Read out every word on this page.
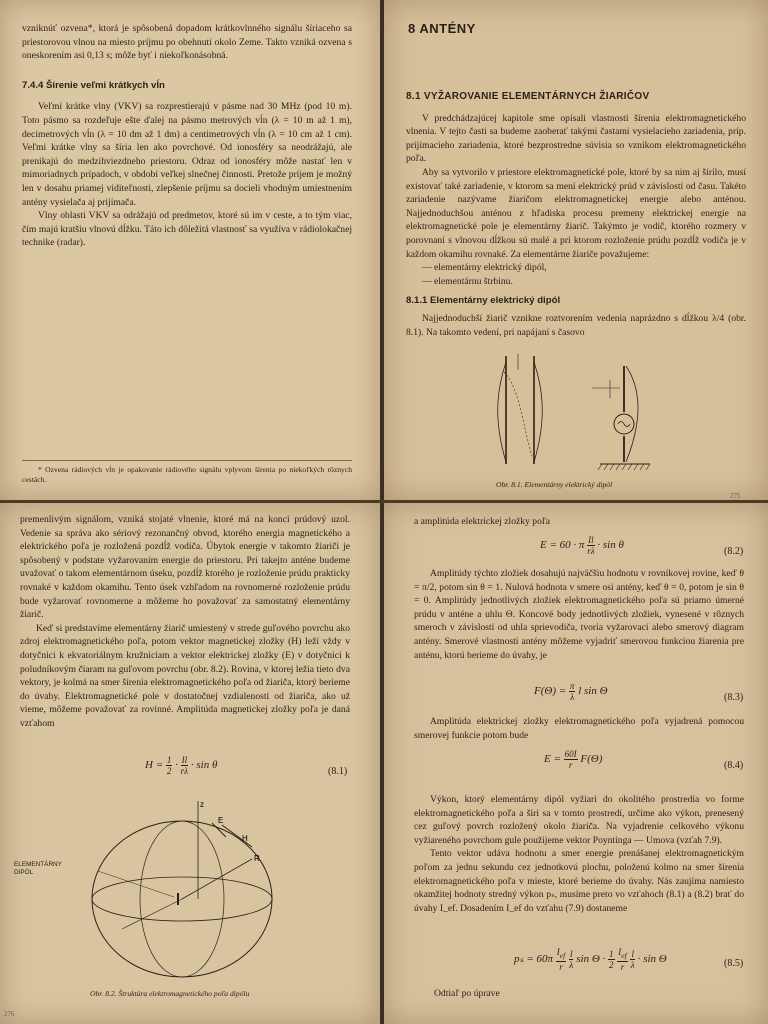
vzniknúť ozvena*, ktorá je spôsobená dopadom krátkovlnného signálu šíriaceho sa priestorovou vlnou na miesto príjmu po obehnutí okolo Zeme. Takto vzniká ozvena s oneskorením asi 0,13 s; môže byť i niekoľkonásobná.

7.4.4 Šírenie veľmi krátkych vĺn

Veľmi krátke vlny (VKV) sa rozprestierajú v pásme nad 30 MHz (pod 10 m). Toto pásmo sa rozdeľuje ešte ďalej na pásmo metrových vĺn (λ = 10 m až 1 m), decimetrových vĺn (λ = 10 dm až 1 dm) a centimetrových vĺn (λ = 10 cm až 1 cm). Veľmi krátke vlny sa šíria len ako povrchové. Od ionosféry sa neodrážajú, ale prenikajú do medzihviezdneho priestoru. Odraz od ionosféry môže nastať len v mimoriadnych prípadoch, v období veľkej slnečnej činnosti. Pretože príjem je možný len v dosahu priamej viditeľnosti, zlepšenie príjmu sa docieli vhodným umiestnením antény vysielača aj prijímača.

Vlny oblasti VKV sa odrážajú od predmetov, ktoré sú im v ceste, a to tým viac, čím majú kratšiu vlnovú dĺžku. Táto ich dôležitá vlastnosť sa využíva v rádiolokačnej technike (radar).

* Ozvena rádiových vĺn je opakovanie rádiového signálu vplyvom šírenia po niekoľkých rôznych cestách.

8 ANTÉNY
8.1 VYŽAROVANIE ELEMENTÁRNYCH ŽIARIČOV

V predchádzajúcej kapitole sme opísali vlastnosti šírenia elektromagnetického vlnenia. V tejto časti sa budeme zaoberať takými častami vysielacieho zariadenia, príp. prijímacieho zariadenia, ktoré bezprostredne súvisia so vznikom elektromagnetického poľa.

Aby sa vytvorilo v priestore elektromagnetické pole, ktoré by sa nim aj šírilo, musí existovať také zariadenie, v ktorom sa mení elektrický prúd v závislosti od času. Takéto zariadenie nazývame žiaričom elektromagnetickej energie alebo anténou. Najjednoduchšou anténou z hľadiska procesu premeny elektrickej energie na elektromagnetické pole je elementárny žiarič. Takýmto je vodič, ktorého rozmery v porovnaní s vlnovou dĺžkou sú malé a pri ktorom rozloženie prúdu pozdĺž vodiča je v každom okamihu rovnaké. Za elementárne žiariče považujeme:

— elementárny elektrický dipól,
— elementárnu štrbinu.
8.1.1 Elementárny elektrický dipól

Najjednoduchší žiarič vznikne roztvorením vedenia naprázdno s dĺžkou λ/4 (obr. 8.1). Na takomto vedení, pri napájaní s časovo

Obr. 8.1. Elementárny elektrický dipól
275

premenlivým signálom, vzniká stojaté vlnenie, ktoré má na konci prúdový uzol. Vedenie sa správa ako sériový rezonančný obvod, ktorého energia magnetického a elektrického poľa je rozložená pozdĺž vodiča. Úbytok energie v takomto žiariči je spôsobený v podstate vyžarovaním energie do priestoru. Pri takejto anténe budeme uvažovať o takom elementárnom úseku, pozdĺž ktorého je rozloženie prúdu prakticky rovnaké v každom okamihu. Tento úsek vzhľadom na rovnomerné rozloženie prúdu bude vyžarovať rovnomerne a môžeme ho považovať za samostatný elementárny žiarič.

Keď si predstavíme elementárny žiarič umiestený v strede guľového povrchu ako zdroj elektromagnetického poľa, potom vektor magnetickej zložky (H) leží vždy v dotyčnici k ekvatoriálnym kružniciam a vektor elektrickej zložky (E) v dotyčnici k poludníkovým čiaram na guľovom povrchu (obr. 8.2). Rovina, v ktorej ležia tieto dva vektory, je kolmá na smer šírenia elektromagnetického poľa od žiariča, ktorý berieme do úvahy. Elektromagnetické pole v dostatočnej vzdialenosti od žiariča, ako už vieme, môžeme považovať za rovinné. Amplitúda magnetickej zložky poľa je daná vzťahom

$H = \frac{1}{2} \cdot \frac{Il}{r\lambda} \cdot \sin \theta$
(8.1)
z
E
H
R
ELEMENTÁRNY DIPÓL
Obr. 8.2. Štruktúra elektromagnetického poľa dipólu
276
a amplitúda elektrickej zložky poľa
E = 60 · π $\frac{Il}{r\lambda} \cdot \sin \theta$
(8.2)

Amplitúdy týchto zložiek dosahujú najväčšiu hodnotu v rovníkovej rovine, keď θ = π/2, potom sin θ = 1. Nulová hodnota v smere osi antény, keď θ = 0, potom je sin θ = 0. Amplitúdy jednotlivých zložiek elektromagnetického poľa sú priamo úmerné prúdu v anténe a uhlu Θ. Koncové body jednotlivých zložiek, vynesené v rôznych smeroch v závislosti od uhla sprievodiča, tvoria vyžarovací alebo smerový diagram antény. Smerové vlastnosti antény môžeme vyjadriť smerovou funkciou žiarenia pre anténu, ktorú berieme do úvahy, je

$F(\Theta) = \frac{\pi}{\lambda}$ l sin Θ
(8.3)

Amplitúda elektrickej zložky elektromagnetického poľa vyjadrená pomocou smerovej funkcie potom bude

$E = \frac{60I}{r} F(\Theta)$
(8.4)

Výkon, ktorý elementárny dipól vyžiari do okolitého prostredia vo forme elektromagnetického poľa a šíri sa v tomto prostredí, určíme ako výkon, prenesený cez guľový povrch rozložený okolo žiariča. Na vyjadrenie celkového výkonu vyžiareného povrchom gule použijeme vektor Poyntinga — Umova (vzťah 7.9).

Tento vektor udáva hodnotu a smer energie prenášanej elektromagnetickým poľom za jednu sekundu cez jednotkovú plochu, položenú kolmo na smer šírenia elektromagnetického poľa v mieste, ktoré berieme do úvahy. Nás zaujíma namiesto okamžitej hodnoty stredný výkon pₛ, musíme preto vo vzťahoch (8.1) a (8.2) brať do úvahy I_ef. Dosadením I_ef do vzťahu (7.9) dostaneme

$p_s = 60\pi \frac{I_{ef}}{r}$
$\frac{l}{\lambda}$ $\sin \Theta \cdot \frac{1}{2}$
$\frac{I_{ef}}{r}$
$\frac{l}{\lambda} \cdot \sin \Theta$	(8.5)
Odtiaľ po úprave
